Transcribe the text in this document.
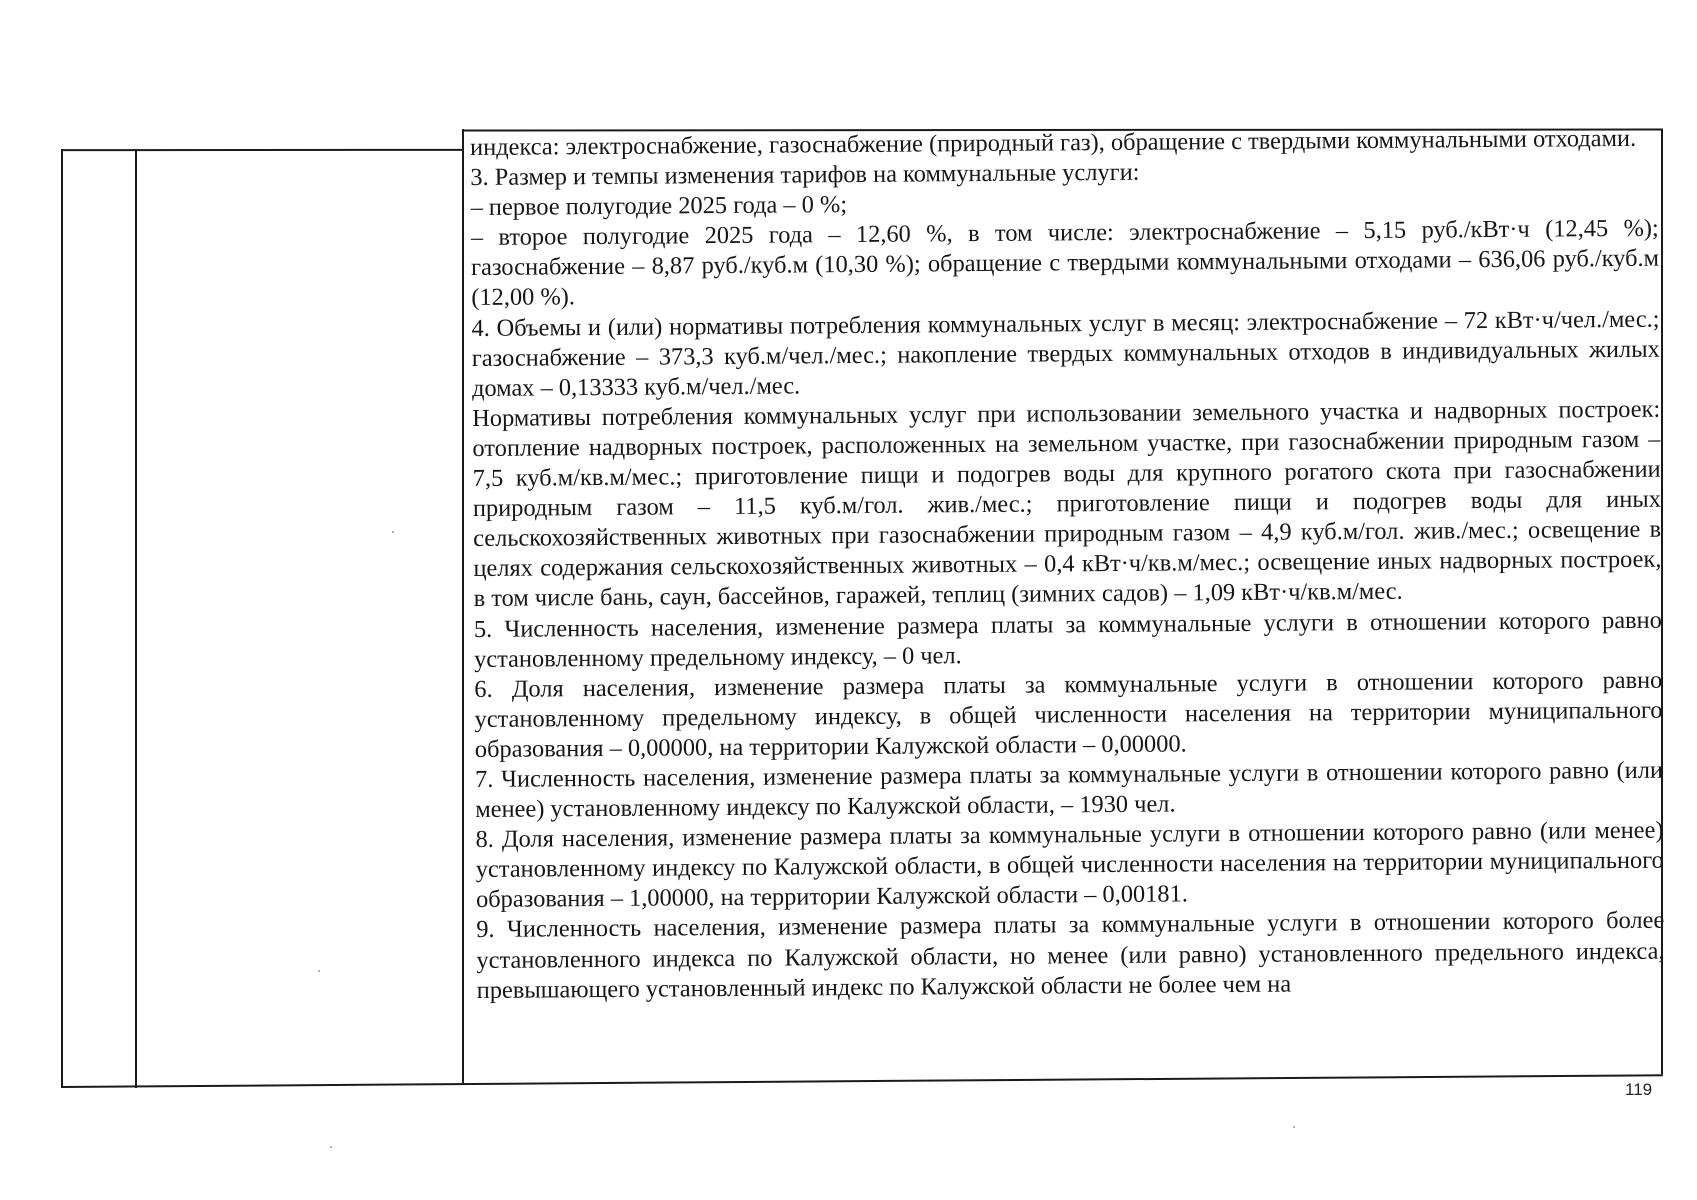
индекса: электроснабжение, газоснабжение (природный газ), обращение с твердыми коммунальными отходами.

3. Размер и темпы изменения тарифов на коммунальные услуги:

– первое полугодие 2025 года – 0 %;

– второе полугодие 2025 года – 12,60 %, в том числе: электроснабжение – 5,15 руб./кВт·ч (12,45 %); газоснабжение – 8,87 руб./куб.м (10,30 %); обращение с твердыми коммунальными отходами – 636,06 руб./куб.м (12,00 %).

4. Объемы и (или) нормативы потребления коммунальных услуг в месяц: электроснабжение – 72 кВт·ч/чел./мес.; газоснабжение – 373,3 куб.м/чел./мес.; накопление твердых коммунальных отходов в индивидуальных жилых домах – 0,13333 куб.м/чел./мес.

Нормативы потребления коммунальных услуг при использовании земельного участка и надворных построек: отопление надворных построек, расположенных на земельном участке, при газоснабжении природным газом – 7,5 куб.м/кв.м/мес.; приготовление пищи и подогрев воды для крупного рогатого скота при газоснабжении природным газом – 11,5 куб.м/гол. жив./мес.; приготовление пищи и подогрев воды для иных сельскохозяйственных животных при газоснабжении природным газом – 4,9 куб.м/гол. жив./мес.; освещение в целях содержания сельскохозяйственных животных – 0,4 кВт·ч/кв.м/мес.; освещение иных надворных построек, в том числе бань, саун, бассейнов, гаражей, теплиц (зимних садов) – 1,09 кВт·ч/кв.м/мес.

5. Численность населения, изменение размера платы за коммунальные услуги в отношении которого равно установленному предельному индексу, – 0 чел.

6. Доля населения, изменение размера платы за коммунальные услуги в отношении которого равно установленному предельному индексу, в общей численности населения на территории муниципального образования – 0,00000, на территории Калужской области – 0,00000.

7. Численность населения, изменение размера платы за коммунальные услуги в отношении которого равно (или менее) установленному индексу по Калужской области, – 1930 чел.

8. Доля населения, изменение размера платы за коммунальные услуги в отношении которого равно (или менее) установленному индексу по Калужской области, в общей численности населения на территории муниципального образования – 1,00000, на территории Калужской области – 0,00181.

9. Численность населения, изменение размера платы за коммунальные услуги в отношении которого более установленного индекса по Калужской области, но менее (или равно) установленного предельного индекса, превышающего установленный индекс по Калужской области не более чем на

119
